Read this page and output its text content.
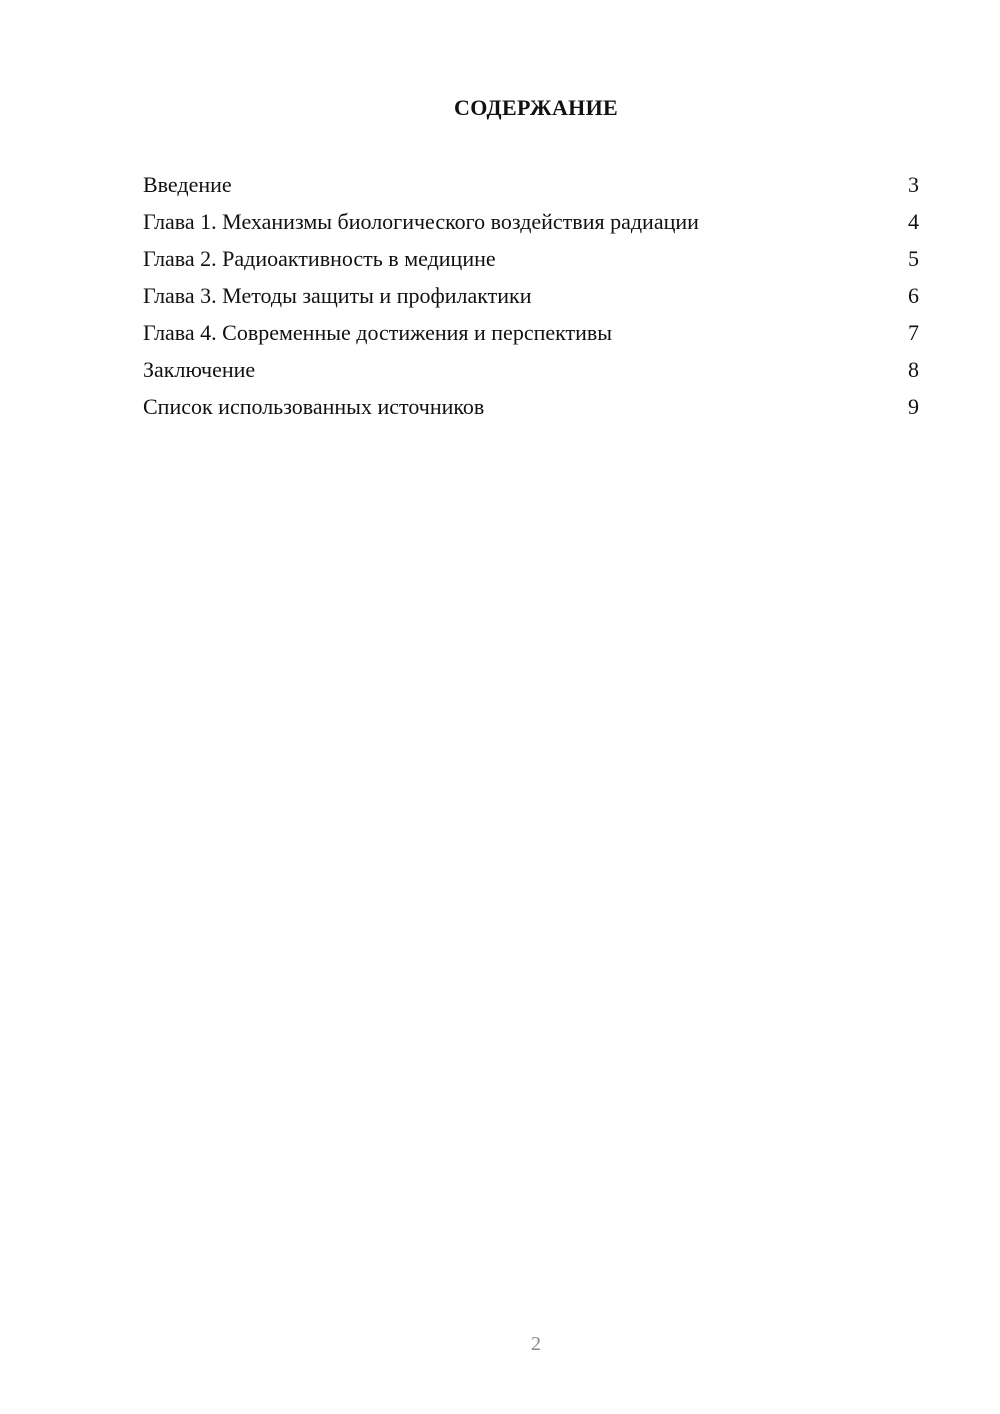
СОДЕРЖАНИЕ
Введение	3
Глава 1. Механизмы биологического воздействия радиации	4
Глава 2. Радиоактивность в медицине	5
Глава 3. Методы защиты и профилактики	6
Глава 4. Современные достижения и перспективы	7
Заключение	8
Список использованных источников	9
2
